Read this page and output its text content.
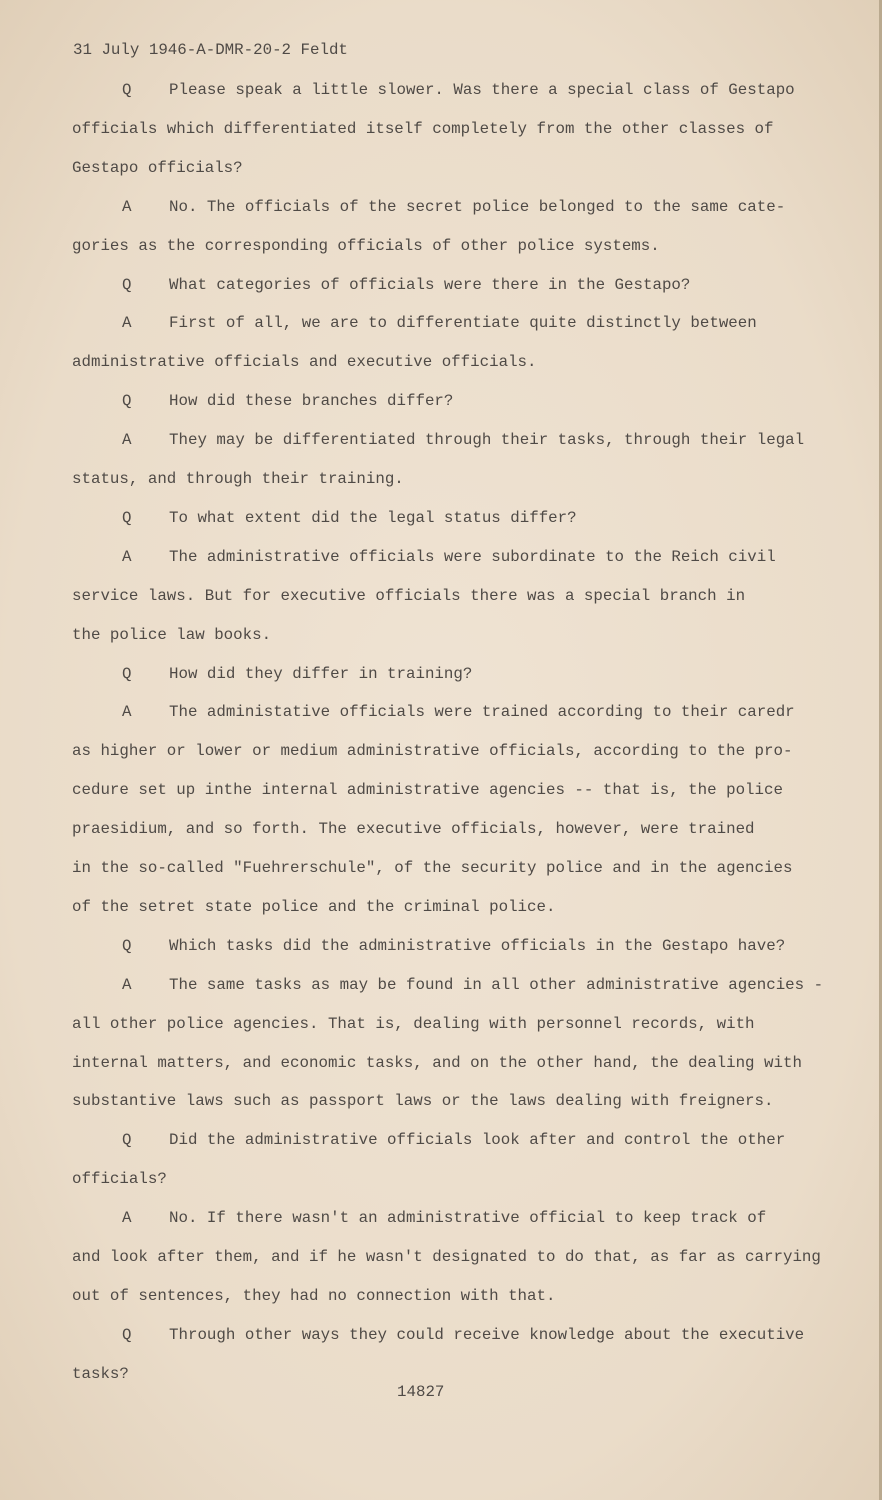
31 July 1946-A-DMR-20-2 Feldt
Q Please speak a little slower. Was there a special class of Gestapo
officials which differentiated itself completely from the other classes of
Gestapo officials?
A No. The officials of the secret police belonged to the same cate-
gories as the corresponding officials of other police systems.
Q What categories of officials were there in the Gestapo?
A First of all, we are to differentiate quite distinctly between
administrative officials and executive officials.
Q How did these branches differ?
A They may be differentiated through their tasks, through their legal
status, and through their training.
Q To what extent did the legal status differ?
A The administrative officials were subordinate to the Reich civil
service laws. But for executive officials there was a special branch in
the police law books.
Q How did they differ in training?
A The administative officials were trained according to their caredr
as higher or lower or medium administrative officials, according to the pro-
cedure set up inthe internal administrative agencies -- that is, the police
praesidium, and so forth. The executive officials, however, were trained
in the so-called "Fuehrerschule", of the security police and in the agencies
of the setret state police and the criminal police.
Q Which tasks did the administrative officials in the Gestapo have?
A The same tasks as may be found in all other administrative agencies -
all other police agencies. That is, dealing with personnel records, with
internal matters, and economic tasks, and on the other hand, the dealing with
substantive laws such as passport laws or the laws dealing with freigners.
Q Did the administrative officials look after and control the other
officials?
A No. If there wasn't an administrative official to keep track of
and look after them, and if he wasn't designated to do that, as far as carrying
out of sentences, they had no connection with that.
Q Through other ways they could receive knowledge about the executive
tasks?
14827
